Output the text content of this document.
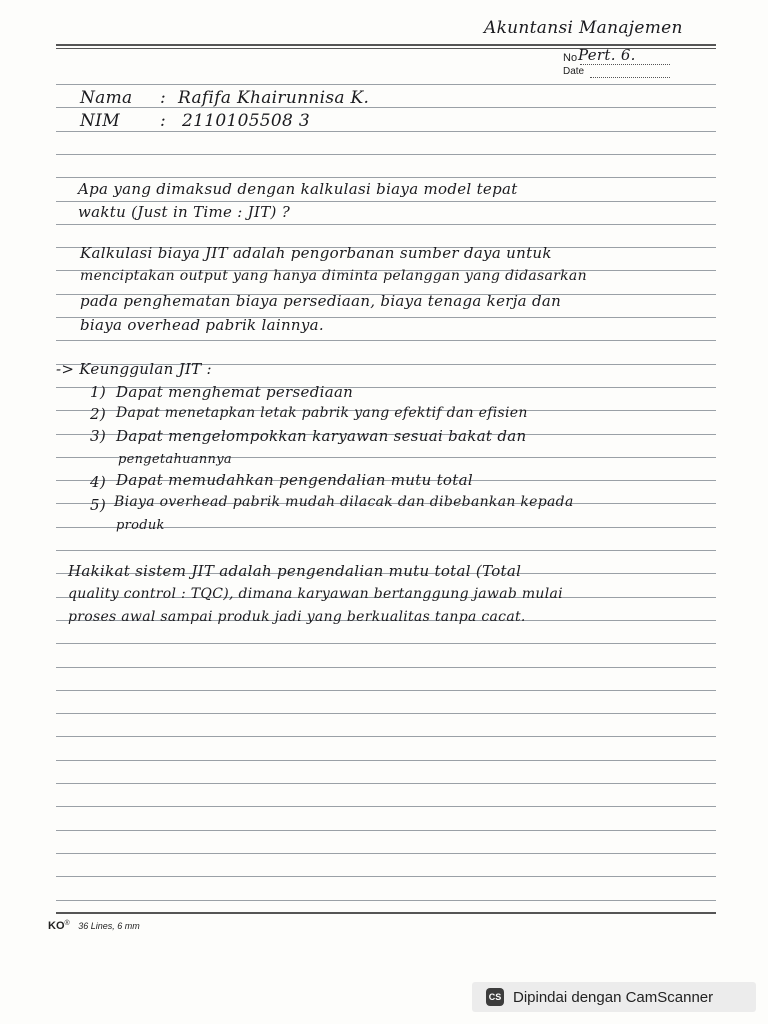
Akuntansi Manajemen
No Pert. 6.
Date
Nama : Rafifa Khairunnisa K.
NIM : 2110105508 3
Apa yang dimaksud dengan kalkulasi biaya model tepat
waktu (Just in Time : JIT) ?
Kalkulasi biaya JIT adalah pengorbanan sumber daya untuk
menciptakan output yang hanya diminta pelanggan yang didasarkan
pada penghematan biaya persediaan, biaya tenaga kerja dan
biaya overhead pabrik lainnya.
-> Keunggulan JIT :
1) Dapat menghemat persediaan
2) Dapat menetapkan letak pabrik yang efektif dan efisien
3) Dapat mengelompokkan karyawan sesuai bakat dan
pengetahuannya
4) Dapat memudahkan pengendalian mutu total
5) Biaya overhead pabrik mudah dilacak dan dibebankan kepada
produk
Hakikat sistem JIT adalah pengendalian mutu total (Total
quality control : TQC), dimana karyawan bertanggung jawab mulai
proses awal sampai produk jadi yang berkualitas tanpa cacat.
KO® 36 Lines, 6 mm
CS Dipindai dengan CamScanner
